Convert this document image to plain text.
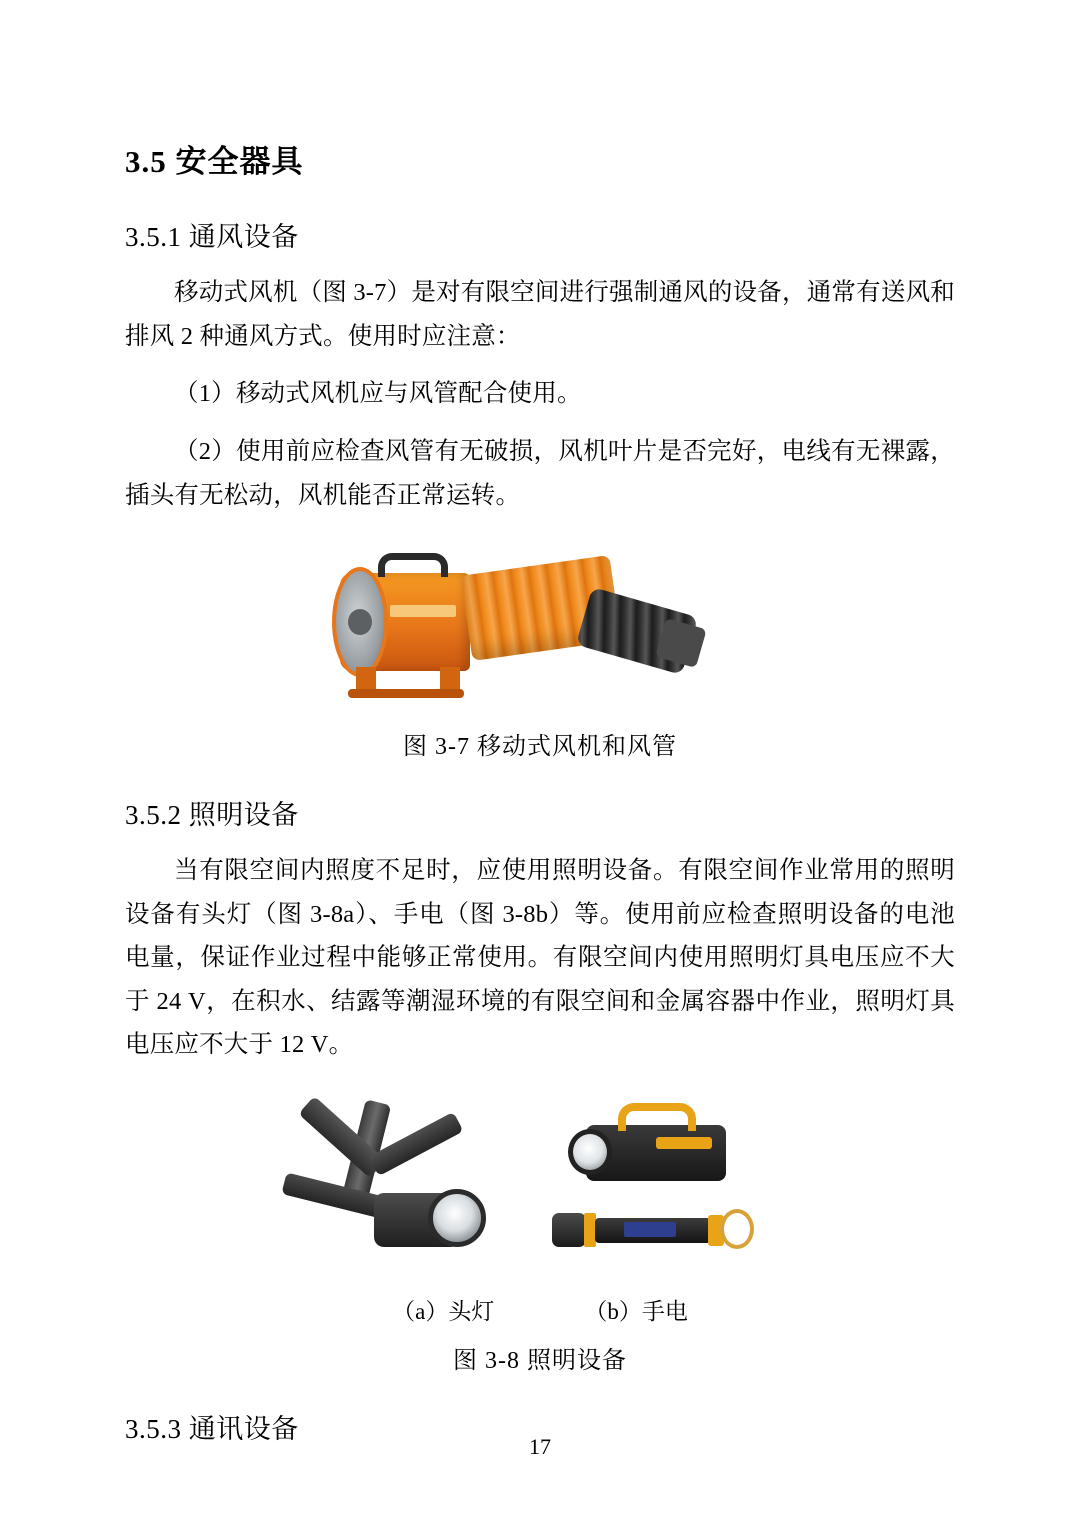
3.5 安全器具
3.5.1 通风设备

移动式风机（图 3-7）是对有限空间进行强制通风的设备，通常有送风和排风 2 种通风方式。使用时应注意：

（1）移动式风机应与风管配合使用。

（2）使用前应检查风管有无破损，风机叶片是否完好，电线有无裸露，插头有无松动，风机能否正常运转。

图 3-7 移动式风机和风管
3.5.2 照明设备

当有限空间内照度不足时，应使用照明设备。有限空间作业常用的照明设备有头灯（图 3-8a）、手电（图 3-8b）等。使用前应检查照明设备的电池电量，保证作业过程中能够正常使用。有限空间内使用照明灯具电压应不大于 24 V，在积水、结露等潮湿环境的有限空间和金属容器中作业，照明灯具电压应不大于 12 V。

（a）头灯	（b）手电
图 3-8 照明设备
3.5.3 通讯设备
17
